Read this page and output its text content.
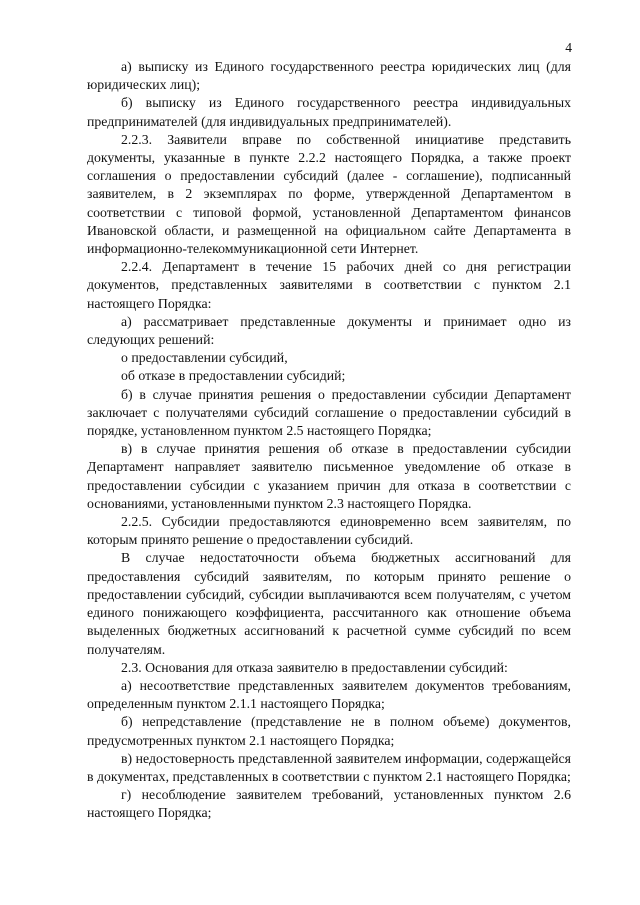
4

а) выписку из Единого государственного реестра юридических лиц (для юридических лиц);

б) выписку из Единого государственного реестра индивидуальных предпринимателей (для индивидуальных предпринимателей).

2.2.3. Заявители вправе по собственной инициативе представить документы, указанные в пункте 2.2.2 настоящего Порядка, а также проект соглашения о предоставлении субсидий (далее - соглашение), подписанный заявителем, в 2 экземплярах по форме, утвержденной Департаментом в соответствии с типовой формой, установленной Департаментом финансов Ивановской области, и размещенной на официальном сайте Департамента в информационно-телекоммуникационной сети Интернет.

2.2.4. Департамент в течение 15 рабочих дней со дня регистрации документов, представленных заявителями в соответствии с пунктом 2.1 настоящего Порядка:

а) рассматривает представленные документы и принимает одно из следующих решений:

о предоставлении субсидий,

об отказе в предоставлении субсидий;

б) в случае принятия решения о предоставлении субсидии Департамент заключает с получателями субсидий соглашение о предоставлении субсидий в порядке, установленном пунктом 2.5 настоящего Порядка;

в) в случае принятия решения об отказе в предоставлении субсидии Департамент направляет заявителю письменное уведомление об отказе в предоставлении субсидии с указанием причин для отказа в соответствии с основаниями, установленными пунктом 2.3 настоящего Порядка.

2.2.5. Субсидии предоставляются единовременно всем заявителям, по которым принято решение о предоставлении субсидий.

В случае недостаточности объема бюджетных ассигнований для предоставления субсидий заявителям, по которым принято решение о предоставлении субсидий, субсидии выплачиваются всем получателям, с учетом единого понижающего коэффициента, рассчитанного как отношение объема выделенных бюджетных ассигнований к расчетной сумме субсидий по всем получателям.

2.3. Основания для отказа заявителю в предоставлении субсидий:

а) несоответствие представленных заявителем документов требованиям, определенным пунктом 2.1.1 настоящего Порядка;

б) непредставление (представление не в полном объеме) документов, предусмотренных пунктом 2.1 настоящего Порядка;

в) недостоверность представленной заявителем информации, содержащейся в документах, представленных в соответствии с пунктом 2.1 настоящего Порядка;

г) несоблюдение заявителем требований, установленных пунктом 2.6 настоящего Порядка;
